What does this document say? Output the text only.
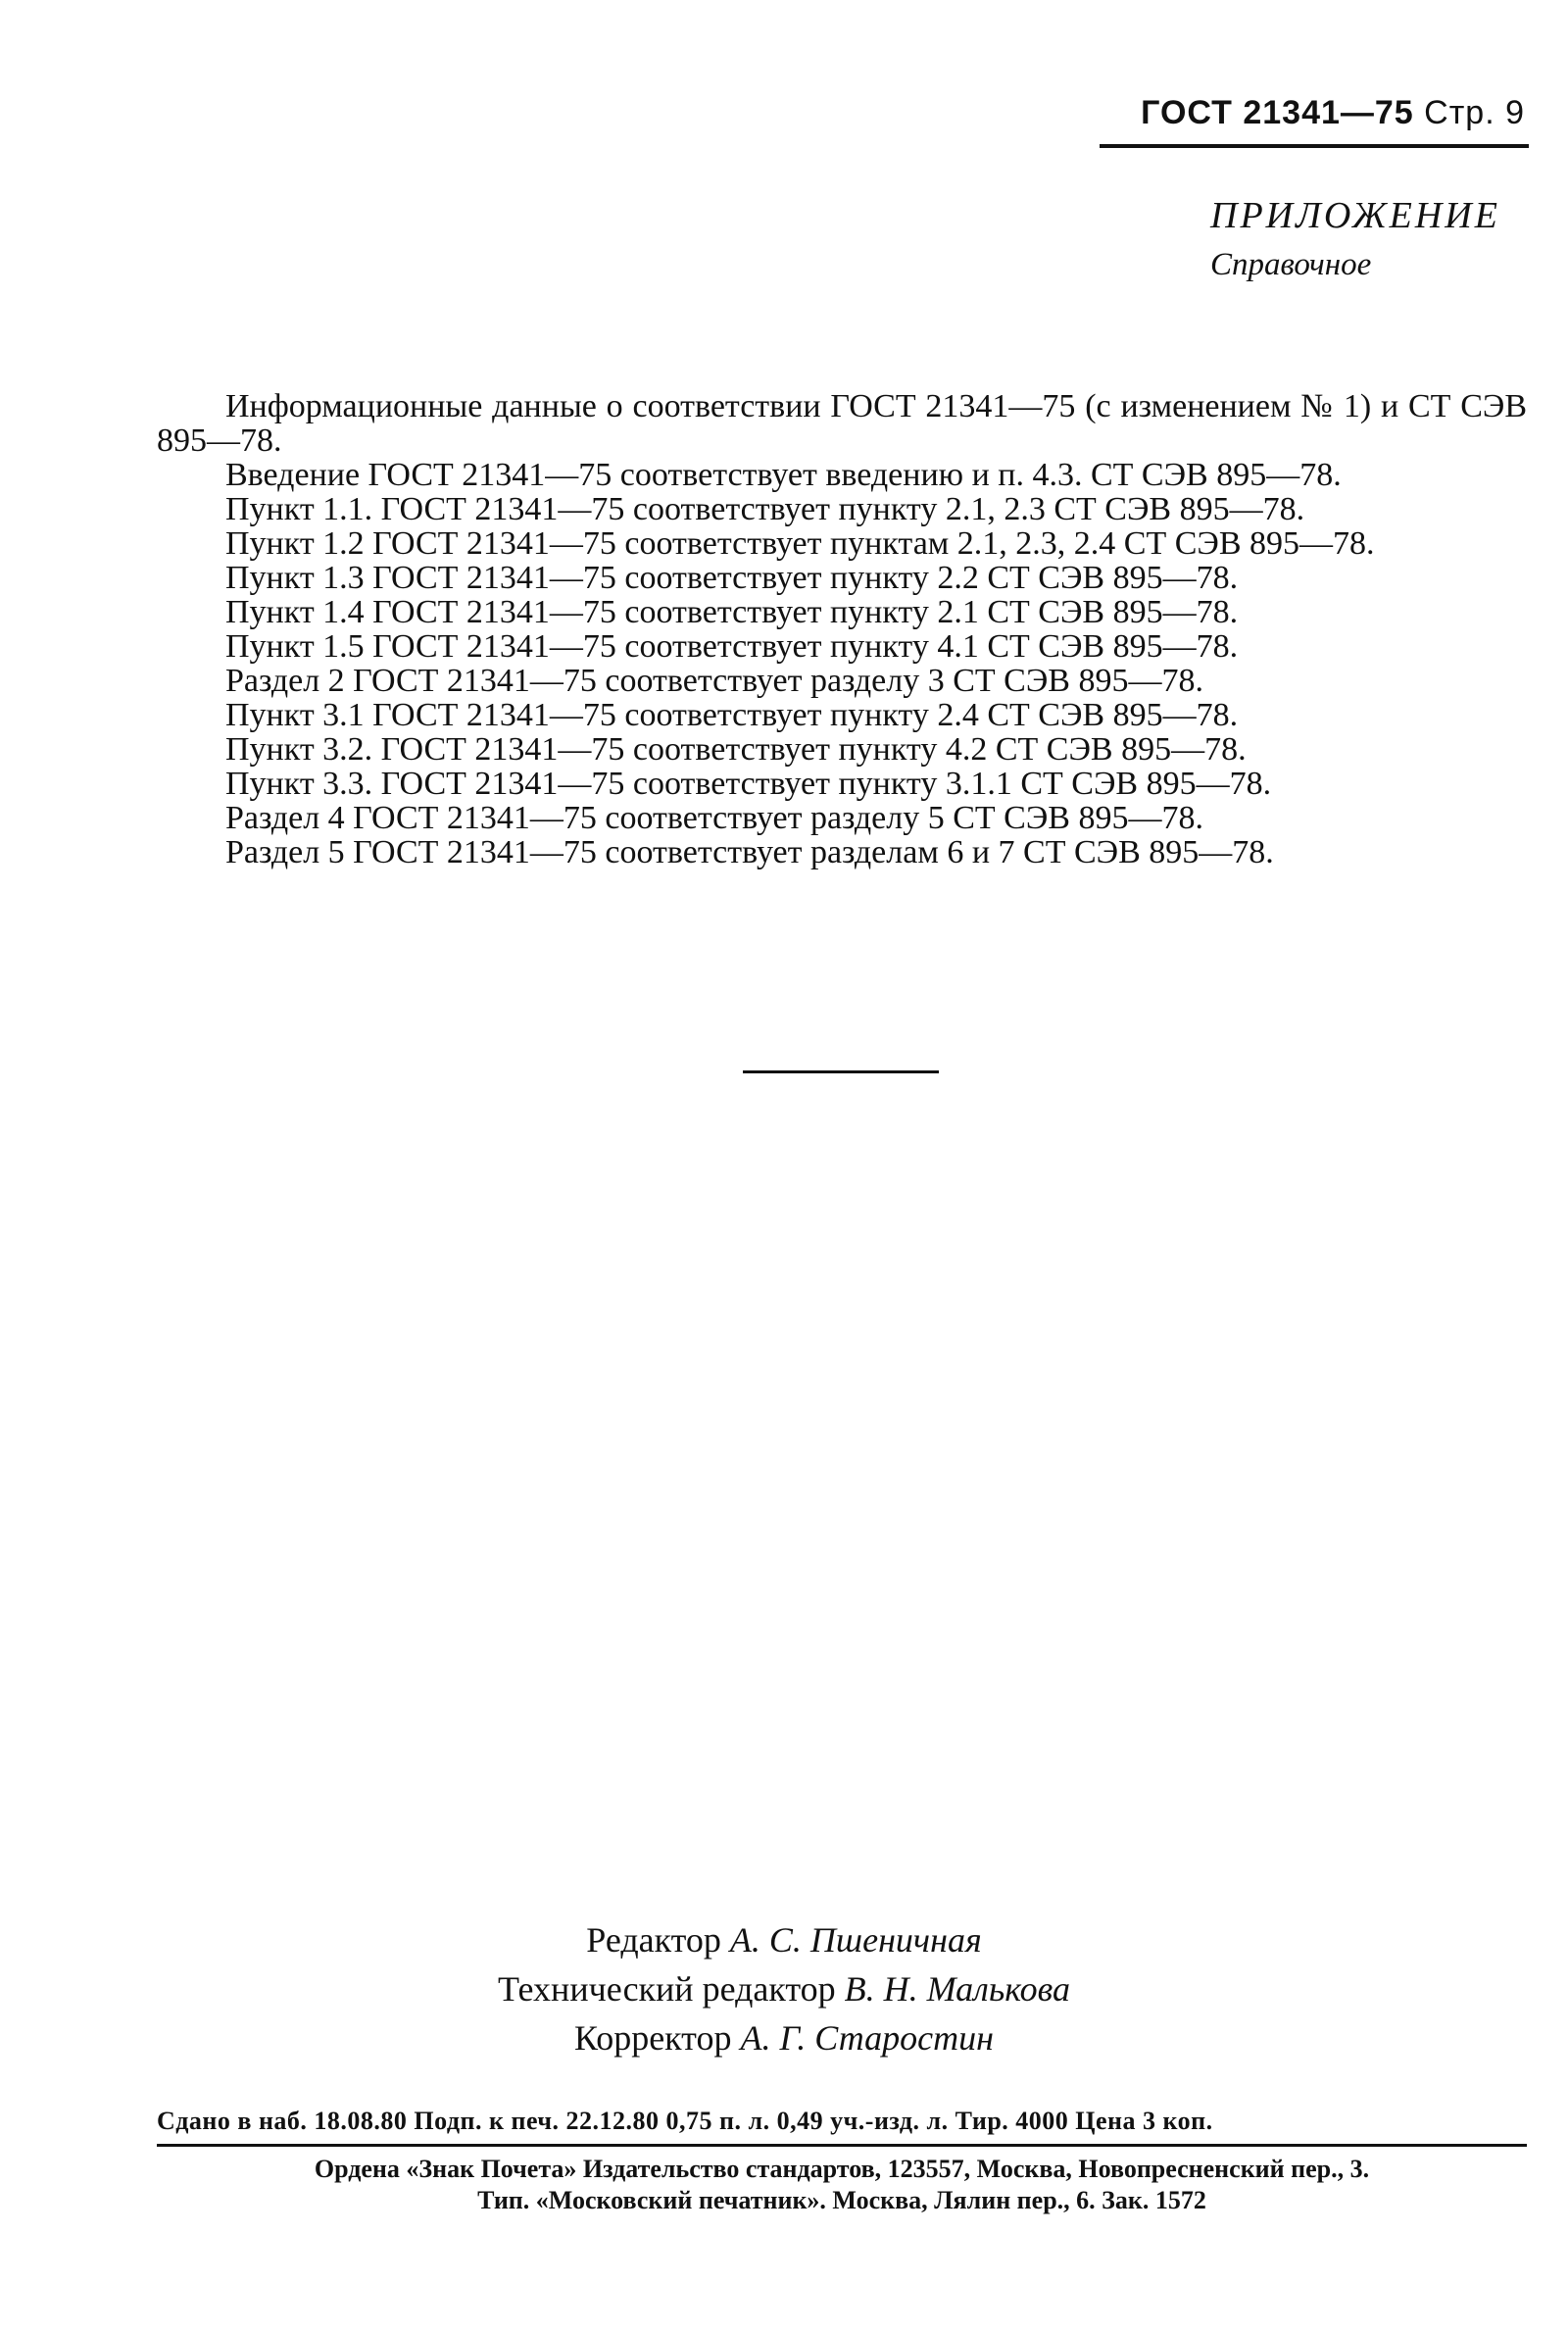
ГОСТ 21341—75 Стр. 9
ПРИЛОЖЕНИЕ
Справочное

Информационные данные о соответствии ГОСТ 21341—75 (с изменением № 1) и СТ СЭВ 895—78.

Введение ГОСТ 21341—75 соответствует введению и п. 4.3. СТ СЭВ 895—78.

Пункт 1.1. ГОСТ 21341—75 соответствует пункту 2.1, 2.3 СТ СЭВ 895—78.

Пункт 1.2 ГОСТ 21341—75 соответствует пунктам 2.1, 2.3, 2.4 СТ СЭВ 895—78.

Пункт 1.3 ГОСТ 21341—75 соответствует пункту 2.2 СТ СЭВ 895—78.

Пункт 1.4 ГОСТ 21341—75 соответствует пункту 2.1 СТ СЭВ 895—78.

Пункт 1.5 ГОСТ 21341—75 соответствует пункту 4.1 СТ СЭВ 895—78.

Раздел 2 ГОСТ 21341—75 соответствует разделу 3 СТ СЭВ 895—78.

Пункт 3.1 ГОСТ 21341—75 соответствует пункту 2.4 СТ СЭВ 895—78.

Пункт 3.2. ГОСТ 21341—75 соответствует пункту 4.2 СТ СЭВ 895—78.

Пункт 3.3. ГОСТ 21341—75 соответствует пункту 3.1.1 СТ СЭВ 895—78.

Раздел 4 ГОСТ 21341—75 соответствует разделу 5 СТ СЭВ 895—78.

Раздел 5 ГОСТ 21341—75 соответствует разделам 6 и 7 СТ СЭВ 895—78.

Редактор А. С. Пшеничная
Технический редактор В. Н. Малькова
Корректор А. Г. Старостин
Сдано в наб. 18.08.80 Подп. к печ. 22.12.80 0,75 п. л. 0,49 уч.-изд. л. Тир. 4000 Цена 3 коп.
Ордена «Знак Почета» Издательство стандартов, 123557, Москва, Новопресненский пер., 3.
Тип. «Московский печатник». Москва, Лялин пер., 6. Зак. 1572
